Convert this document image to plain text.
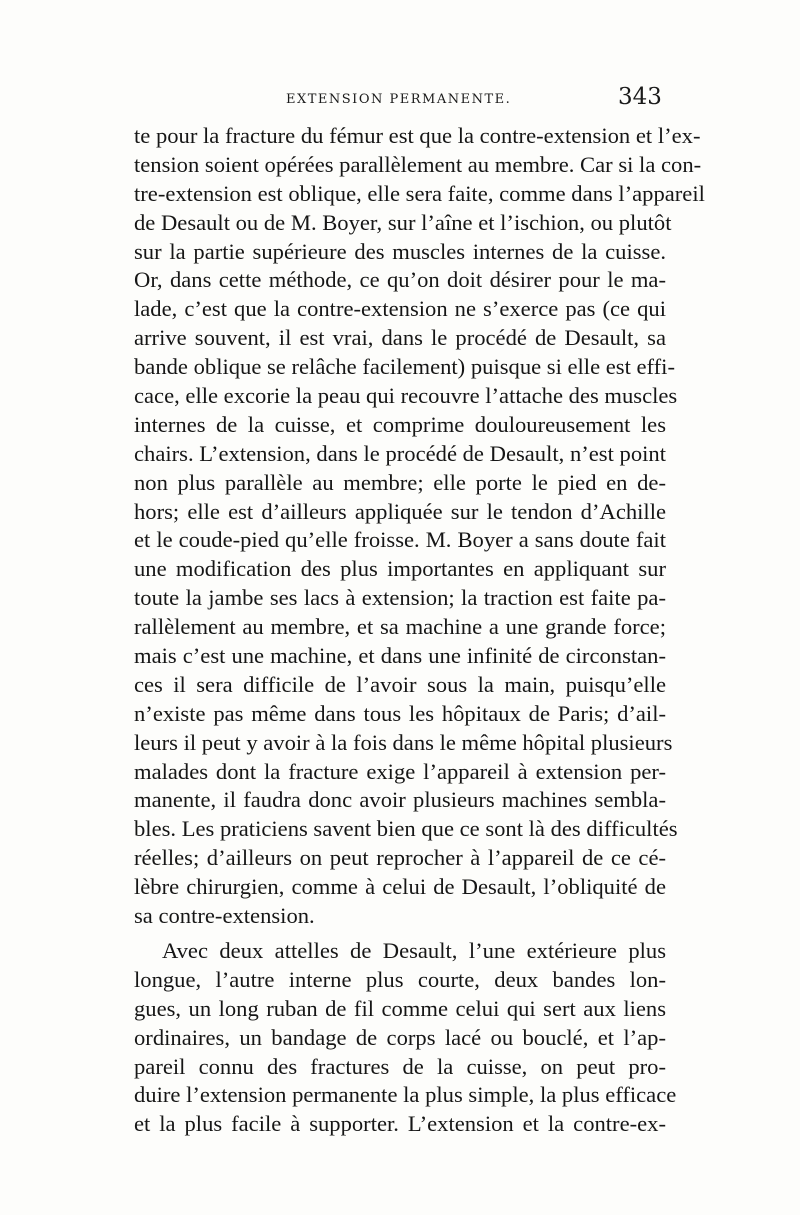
EXTENSION PERMANENTE.	343
te pour la fracture du fémur est que la contre-extension et l’ex-
tension soient opérées parallèlement au membre. Car si la con-
tre-extension est oblique, elle sera faite, comme dans l’appareil
de Desault ou de M. Boyer, sur l’aîne et l’ischion, ou plutôt
sur la partie supérieure des muscles internes de la cuisse.
Or, dans cette méthode, ce qu’on doit désirer pour le ma-
lade, c’est que la contre-extension ne s’exerce pas (ce qui
arrive souvent, il est vrai, dans le procédé de Desault, sa
bande oblique se relâche facilement) puisque si elle est effi-
cace, elle excorie la peau qui recouvre l’attache des muscles
internes de la cuisse, et comprime douloureusement les
chairs. L’extension, dans le procédé de Desault, n’est point
non plus parallèle au membre; elle porte le pied en de-
hors; elle est d’ailleurs appliquée sur le tendon d’Achille
et le coude-pied qu’elle froisse. M. Boyer a sans doute fait
une modification des plus importantes en appliquant sur
toute la jambe ses lacs à extension; la traction est faite pa-
rallèlement au membre, et sa machine a une grande force;
mais c’est une machine, et dans une infinité de circonstan-
ces il sera difficile de l’avoir sous la main, puisqu’elle
n’existe pas même dans tous les hôpitaux de Paris; d’ail-
leurs il peut y avoir à la fois dans le même hôpital plusieurs
malades dont la fracture exige l’appareil à extension per-
manente, il faudra donc avoir plusieurs machines sembla-
bles. Les praticiens savent bien que ce sont là des difficultés
réelles; d’ailleurs on peut reprocher à l’appareil de ce cé-
lèbre chirurgien, comme à celui de Desault, l’obliquité de
sa contre-extension.
Avec deux attelles de Desault, l’une extérieure plus
longue, l’autre interne plus courte, deux bandes lon-
gues, un long ruban de fil comme celui qui sert aux liens
ordinaires, un bandage de corps lacé ou bouclé, et l’ap-
pareil connu des fractures de la cuisse, on peut pro-
duire l’extension permanente la plus simple, la plus efficace
et la plus facile à supporter. L’extension et la contre-ex-
